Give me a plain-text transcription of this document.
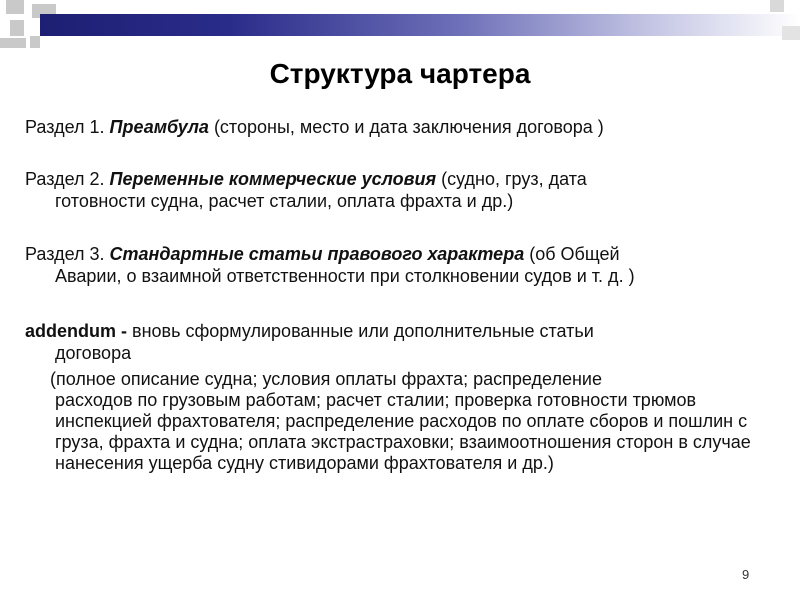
Структура чартера
Раздел 1. Преамбула (стороны, место и дата заключения договора )
Раздел 2. Переменные коммерческие условия (судно, груз, дата
готовности судна, расчет сталии, оплата фрахта и др.)
Раздел 3. Стандартные статьи правового характера (об Общей
Аварии, о взаимной ответственности при столкновении судов и т. д. )
addendum - вновь сформулированные или дополнительные статьи
договора
(полное описание судна; условия оплаты фрахта; распределение
расходов по грузовым работам; расчет сталии; проверка готовности трюмов инспекцией фрахтователя; распределение расходов по оплате сборов и пошлин с груза, фрахта и судна; оплата экстрастраховки; взаимоотношения сторон в случае нанесения ущерба судну стивидорами фрахтователя и др.)
9
